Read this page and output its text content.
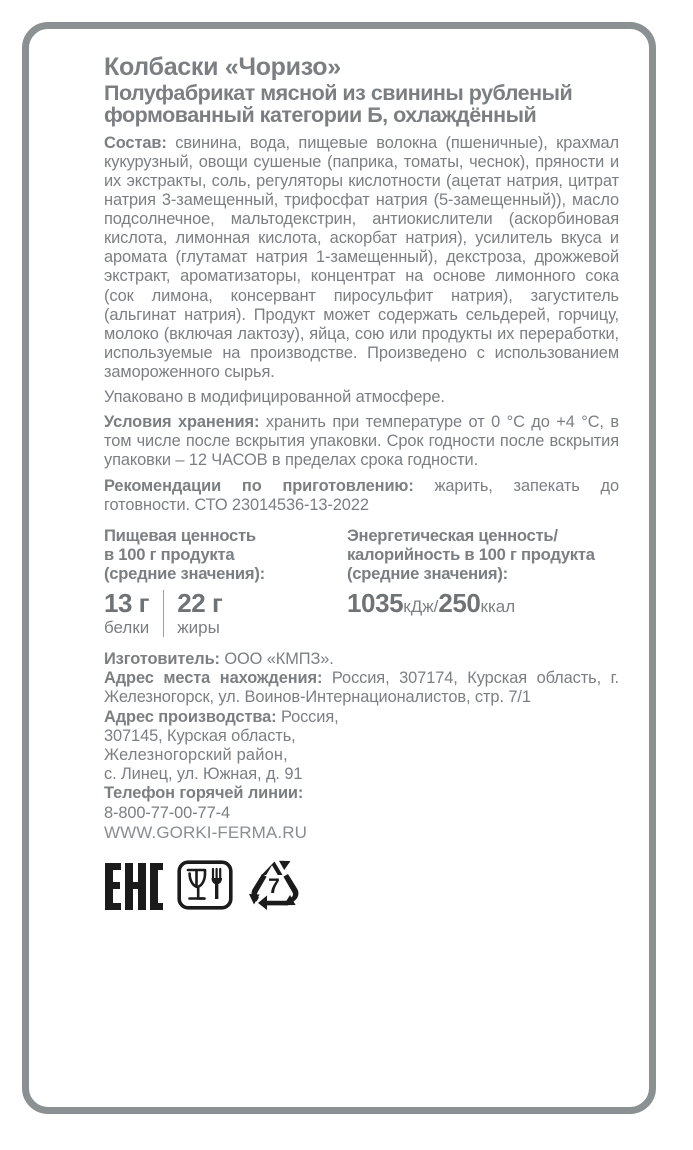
Колбаски «Чоризо»
Полуфабрикат мясной из свинины рубленый
формованный категории Б, охлаждённый
Состав: свинина, вода, пищевые волокна (пшеничные), крахмал кукурузный, овощи сушеные (паприка, томаты, чеснок), пряности и их экстракты, соль, регуляторы кислотности (ацетат натрия, цитрат натрия 3-замещенный, трифосфат натрия (5-замещенный)), масло подсолнечное, мальтодекстрин, антиокислители (аскорбиновая кислота, лимонная кислота, аскорбат натрия), усилитель вкуса и аромата (глутамат натрия 1-замещенный), декстроза, дрожжевой экстракт, ароматизаторы, концентрат на основе лимонного сока (сок лимона, консервант пиросульфит натрия), загуститель (альгинат натрия). Продукт может содержать сельдерей, горчицу, молоко (включая лактозу), яйца, сою или продукты их переработки, используемые на производстве. Произведено с использованием замороженного сырья.
Упаковано в модифицированной атмосфере.
Условия хранения: хранить при температуре от 0 °C до +4 °C, в том числе после вскрытия упаковки. Срок годности после вскрытия упаковки – 12 ЧАСОВ в пределах срока годности.
Рекомендации по приготовлению: жарить, запекать до готовности. СТО 23014536-13-2022
Пищевая ценность
в 100 г продукта
(средние значения):
Энергетическая ценность/
калорийность в 100 г продукта
(средние значения):
13 г
белки
22 г
жиры
1035кДж/250ккал
Изготовитель: ООО «КМПЗ».
Адрес места нахождения: Россия, 307174, Курская область, г. Железногорск, ул. Воинов-Интернационалистов, стр. 7/1
Адрес производства: Россия,
307145, Курская область,
Железногорский район,
с. Линец, ул. Южная, д. 91
Телефон горячей линии:
8-800-77-00-77-4
WWW.GORKI-FERMA.RU
7
